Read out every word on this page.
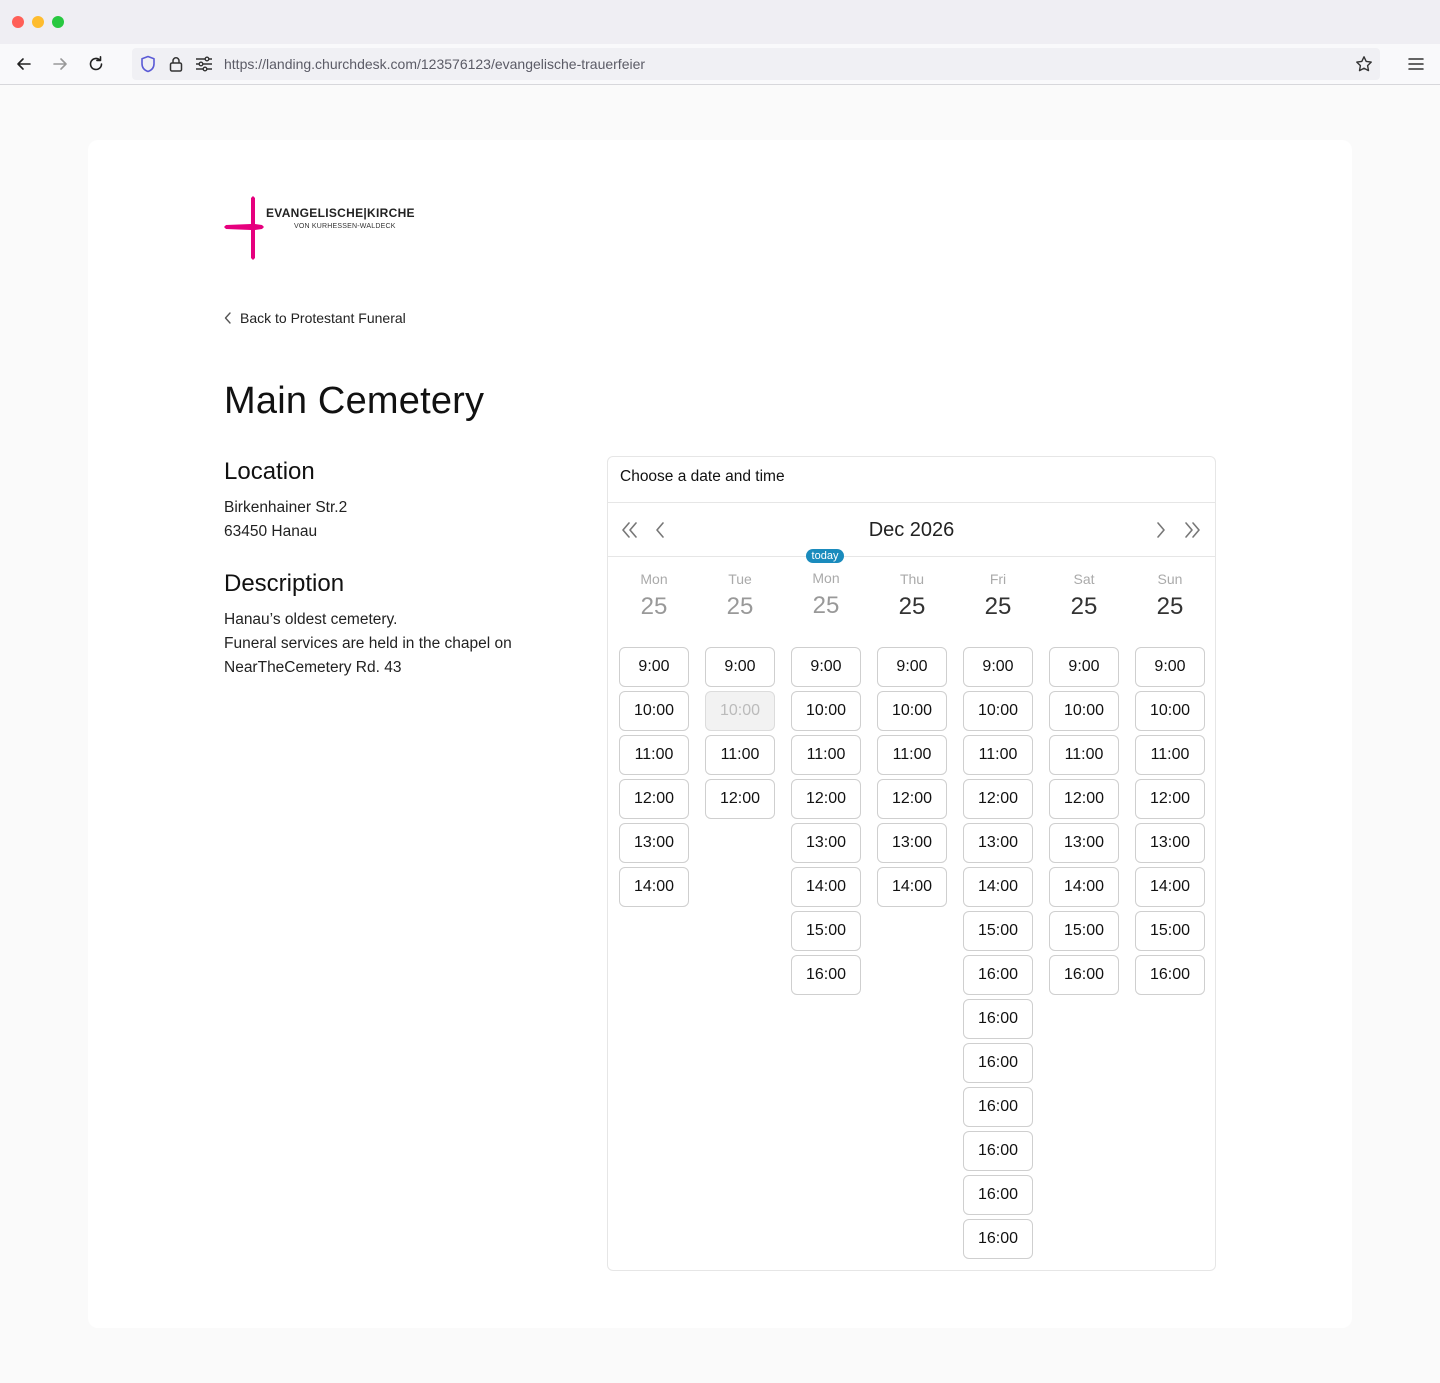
https://landing.churchdesk.com/123576123/evangelische-trauerfeier
EVANGELISCHE|KIRCHE
VON KURHESSEN-WALDECK
Back to Protestant Funeral
Main Cemetery
Location
Birkenhainer Str.2
63450 Hanau
Description
Hanau’s oldest cemetery.
Funeral services are held in the chapel on
NearTheCemetery Rd. 43
Choose a date and time
Dec 2026
today
Mon
25
9:00
10:00
11:00
12:00
13:00
14:00
Tue
25
9:00
10:00
11:00
12:00
Mon
25
9:00
10:00
11:00
12:00
13:00
14:00
15:00
16:00
Thu
25
9:00
10:00
11:00
12:00
13:00
14:00
Fri
25
9:00
10:00
11:00
12:00
13:00
14:00
15:00
16:00
16:00
16:00
16:00
16:00
16:00
16:00
Sat
25
9:00
10:00
11:00
12:00
13:00
14:00
15:00
16:00
Sun
25
9:00
10:00
11:00
12:00
13:00
14:00
15:00
16:00
